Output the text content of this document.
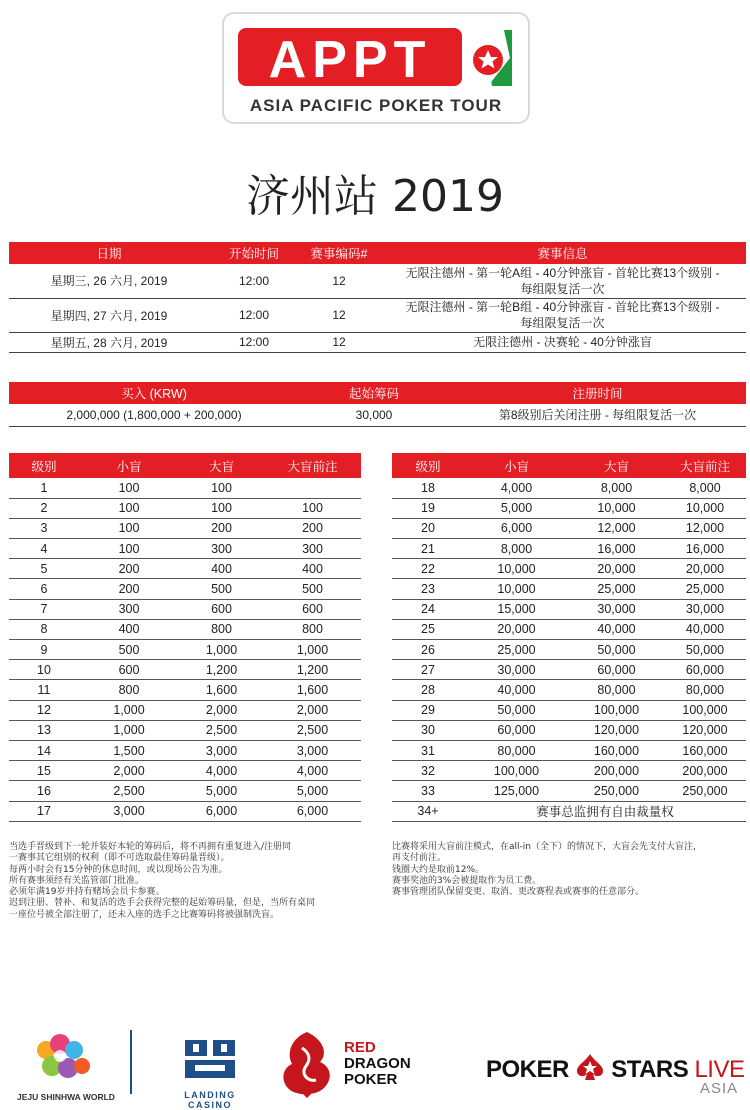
APPT
ASIA PACIFIC POKER TOUR
济州站 2019
日期	开始时间	赛事编码#	赛事信息
星期三, 26 六月, 2019	12:00	12	无限注德州 - 第一轮A组 - 40分钟涨盲 - 首轮比赛13个级别 -
每组限复活一次

星期四, 27 六月, 2019	12:00	12	无限注德州 - 第一轮B组 - 40分钟涨盲 - 首轮比赛13个级别 -
每组限复活一次

星期五, 28 六月, 2019	12:00	12	无限注德州 - 决赛轮 - 40分钟涨盲
买入 (KRW)	起始筹码	注册时间
2,000,000 (1,800,000 + 200,000)	30,000	第8级别后关闭注册 - 每组限复活一次
级别	小盲	大盲	大盲前注
1	100	100	
2	100	100	100
3	100	200	200
4	100	300	300
5	200	400	400
6	200	500	500
7	300	600	600
8	400	800	800
9	500	1,000	1,000
10	600	1,200	1,200
11	800	1,600	1,600
12	1,000	2,000	2,000
13	1,000	2,500	2,500
14	1,500	3,000	3,000
15	2,000	4,000	4,000
16	2,500	5,000	5,000
17	3,000	6,000	6,000
级别	小盲	大盲	大盲前注
18	4,000	8,000	8,000
19	5,000	10,000	10,000
20	6,000	12,000	12,000
21	8,000	16,000	16,000
22	10,000	20,000	20,000
23	10,000	25,000	25,000
24	15,000	30,000	30,000
25	20,000	40,000	40,000
26	25,000	50,000	50,000
27	30,000	60,000	60,000
28	40,000	80,000	80,000
29	50,000	100,000	100,000
30	60,000	120,000	120,000
31	80,000	160,000	160,000
32	100,000	200,000	200,000
33	125,000	250,000	250,000
34+	赛事总监拥有自由裁量权		
当选手晋级到下一轮并装好本轮的筹码后，将不再拥有重复进入/注册同
一赛事其它组别的权利（即不可选取最佳筹码量晋级）。
每两小时会有15分钟的休息时间，或以现场公告为准。
所有赛事须经有关监管部门批准。
必须年满19岁并持有赌场会员卡参赛。
迟到注册、替补、和复活的选手会获得完整的起始筹码量，但是，当所有桌同
一座位号被全部注册了，还未入座的选手之比赛筹码将被强制洗盲。
比赛将采用大盲前注模式，在all-in（全下）的情况下，大盲会先支付大盲注，
再支付前注。
钱圈大约是取前12%。
赛事奖池的3%会被提取作为员工费。
赛事管理团队保留变更、取消、更改赛程表或赛事的任意部分。
JEJU SHINHWA WORLD	LANDING CASINO
RED
DRAGON
POKER	POKER STARS LIVE
ASIA
